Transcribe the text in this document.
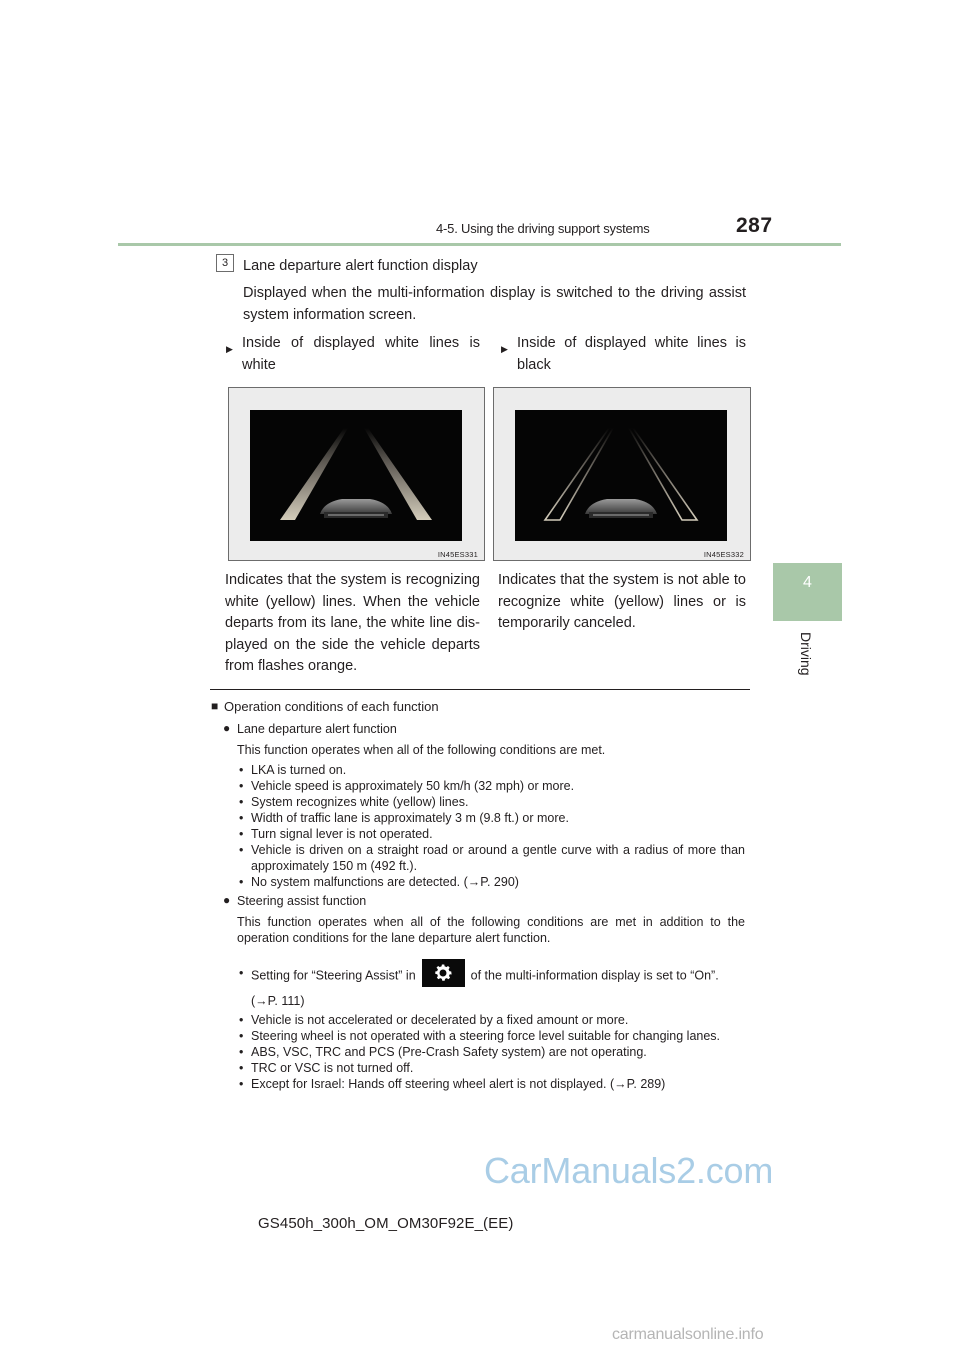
4-5. Using the driving support systems	287
4
Driving
3	Lane departure alert function display
Displayed when the multi-information display is switched to the driving assist system information screen.
▶ Inside of displayed white lines is white
▶ Inside of displayed white lines is black
IN45ES331	IN45ES332
Indicates that the system is recognizing white (yellow) lines. When the vehicle departs from its lane, the white line dis-played on the side the vehicle departs from flashes orange.
Indicates that the system is not able to recognize white (yellow) lines or is temporarily canceled.
■ Operation conditions of each function
● Lane departure alert function
This function operates when all of the following conditions are met.
• LKA is turned on.
• Vehicle speed is approximately 50 km/h (32 mph) or more.
• System recognizes white (yellow) lines.
• Width of traffic lane is approximately 3 m (9.8 ft.) or more.
• Turn signal lever is not operated.
• Vehicle is driven on a straight road or around a gentle curve with a radius of more than approximately 150 m (492 ft.).
• No system malfunctions are detected. (→P. 290)
● Steering assist function
This function operates when all of the following conditions are met in addition to the operation conditions for the lane departure alert function.
• Setting for “Steering Assist” in	of the multi-information display is set to “On”.
(→P. 111)
• Vehicle is not accelerated or decelerated by a fixed amount or more.
• Steering wheel is not operated with a steering force level suitable for changing lanes.
• ABS, VSC, TRC and PCS (Pre-Crash Safety system) are not operating.
• TRC or VSC is not turned off.
• Except for Israel: Hands off steering wheel alert is not displayed. (→P. 289)
CarManuals2.com
GS450h_300h_OM_OM30F92E_(EE)
carmanualsonline.info
